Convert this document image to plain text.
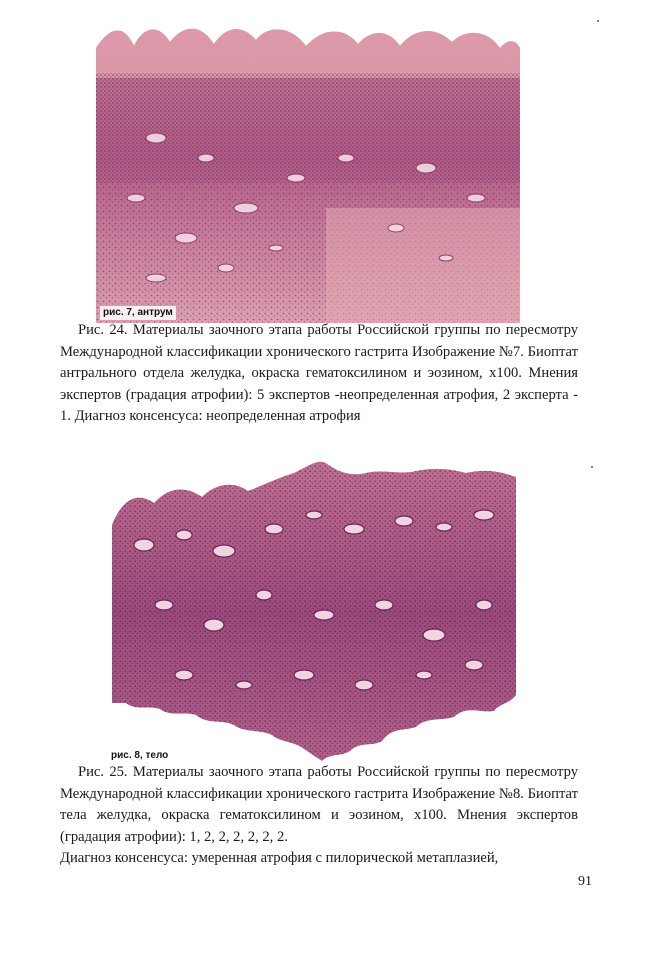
рис. 7, антрум

Рис. 24. Материалы заочного этапа работы Российской группы по пересмотру Международной классификации хронического гастрита Изображение №7. Биоптат антрального отдела желудка, окраска гематоксилином и эозином, х100. Мнения экспертов (градация атрофии): 5 экспертов -неопределенная атрофия, 2 эксперта - 1. Диагноз консенсуса: неопределенная атрофия

рис. 8, тело

Рис. 25. Материалы заочного этапа работы Российской группы по пересмотру Международной классификации хронического гастрита Изображение №8. Биоптат тела желудка, окраска гематоксилином и эозином, х100. Мнения экспертов (градация атрофии): 1, 2, 2, 2, 2, 2, 2.

Диагноз консенсуса: умеренная атрофия с пилорической метаплазией,

91
